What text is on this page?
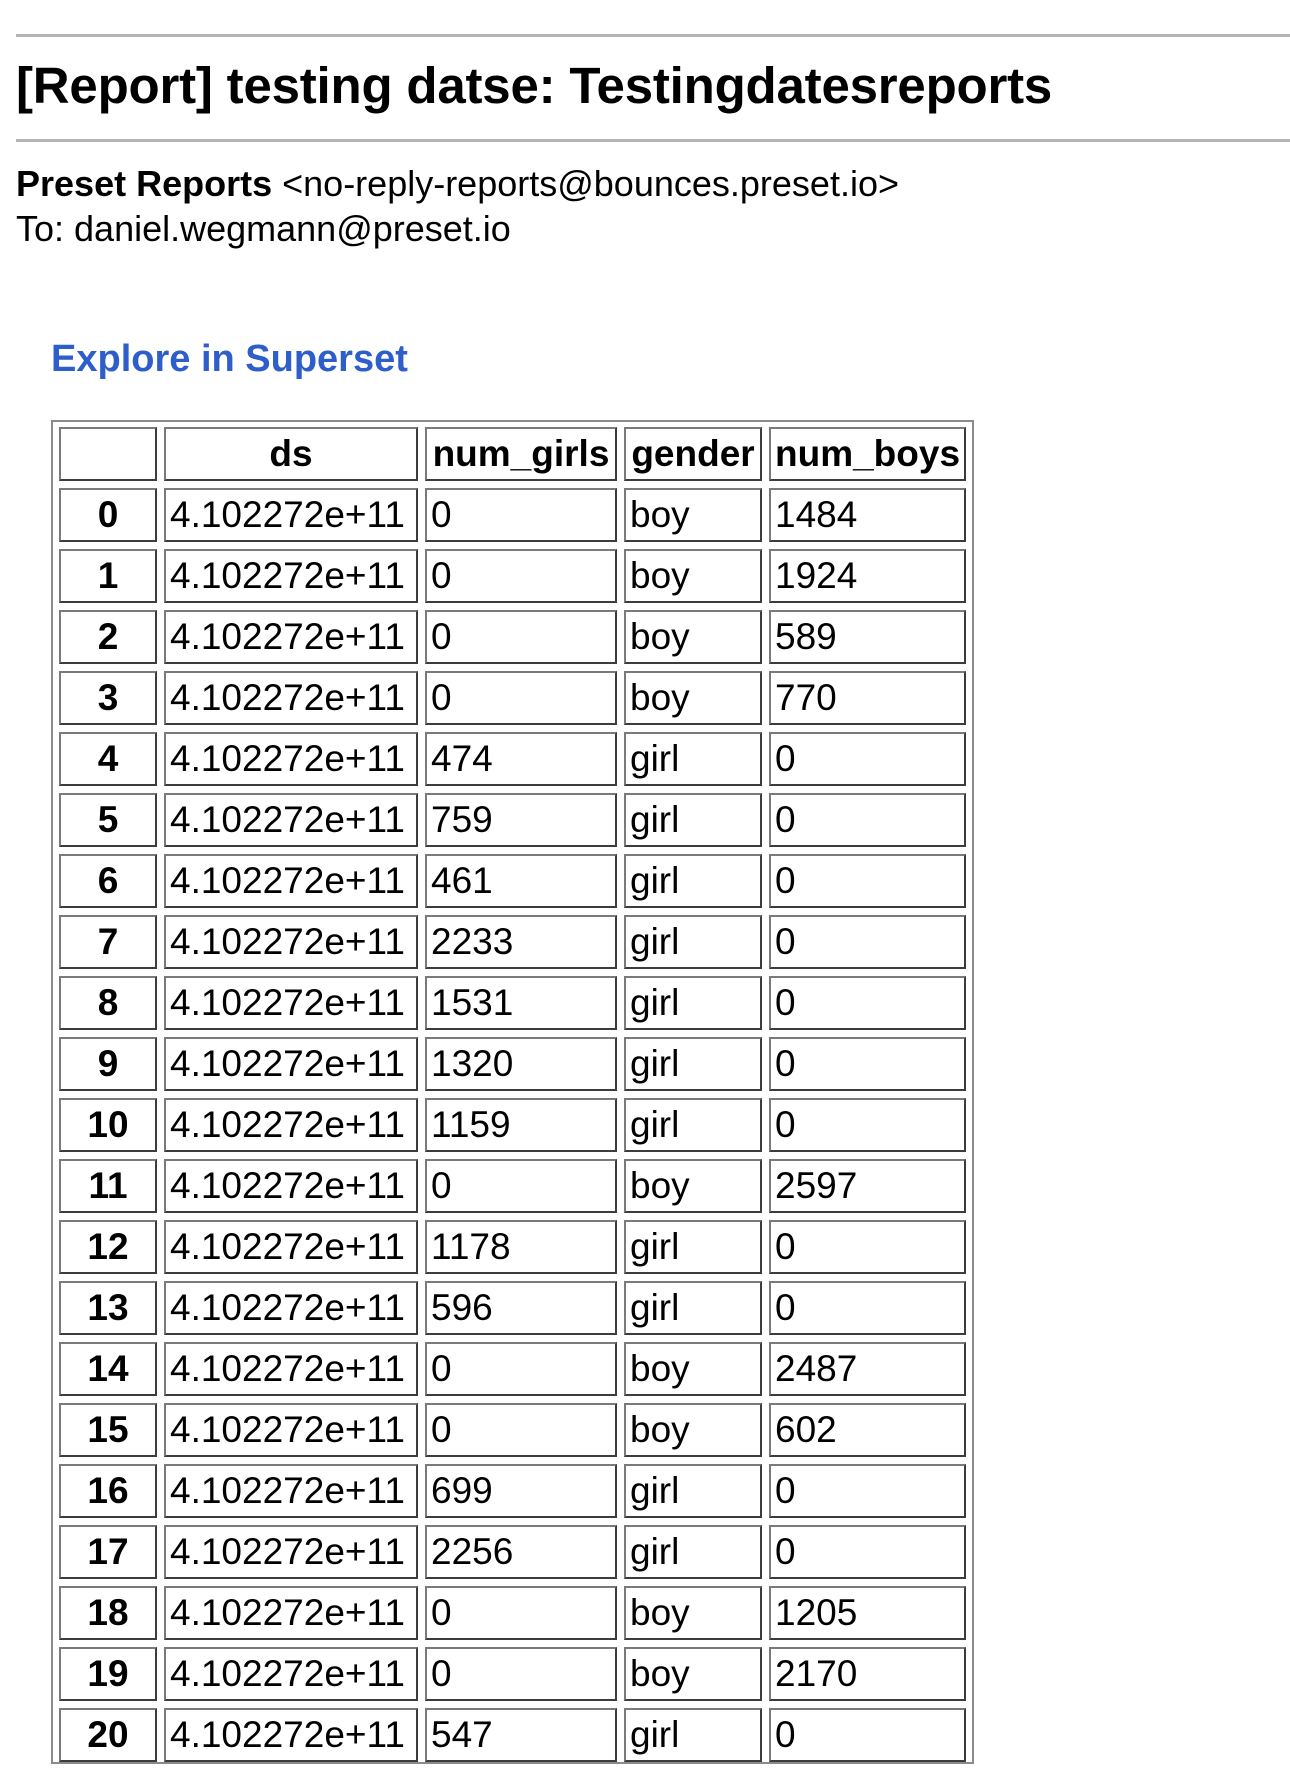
[Report] testing datse: Testingdatesreports
Preset Reports <no-reply-reports@bounces.preset.io>
To: daniel.wegmann@preset.io
Explore in Superset
	ds	num_girls	gender	num_boys
0	4.102272e+11	0	boy	1484
1	4.102272e+11	0	boy	1924
2	4.102272e+11	0	boy	589
3	4.102272e+11	0	boy	770
4	4.102272e+11	474	girl	0
5	4.102272e+11	759	girl	0
6	4.102272e+11	461	girl	0
7	4.102272e+11	2233	girl	0
8	4.102272e+11	1531	girl	0
9	4.102272e+11	1320	girl	0
10	4.102272e+11	1159	girl	0
11	4.102272e+11	0	boy	2597
12	4.102272e+11	1178	girl	0
13	4.102272e+11	596	girl	0
14	4.102272e+11	0	boy	2487
15	4.102272e+11	0	boy	602
16	4.102272e+11	699	girl	0
17	4.102272e+11	2256	girl	0
18	4.102272e+11	0	boy	1205
19	4.102272e+11	0	boy	2170
20	4.102272e+11	547	girl	0
